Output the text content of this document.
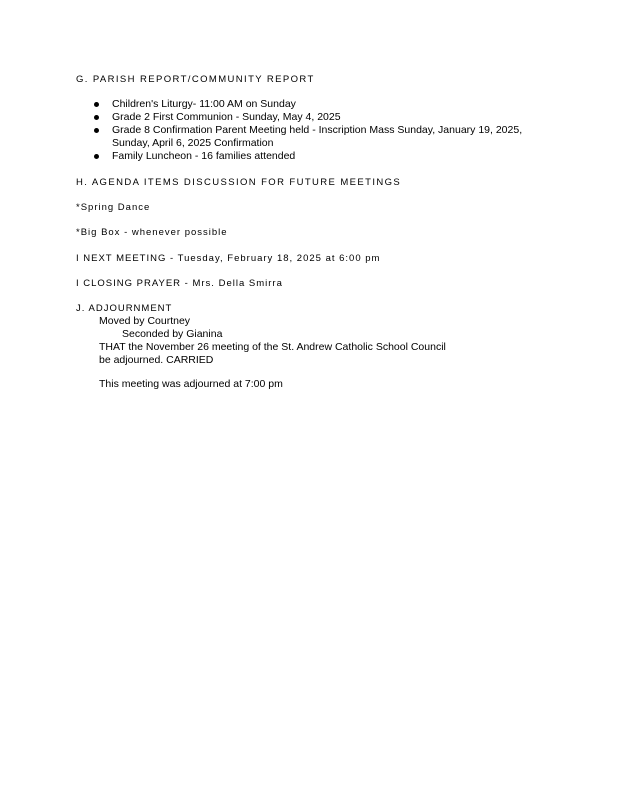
G. PARISH REPORT/COMMUNITY REPORT
Children's Liturgy- 11:00 AM on Sunday
Grade 2 First Communion - Sunday, May 4, 2025
Grade 8 Confirmation Parent Meeting held - Inscription Mass Sunday, January 19, 2025, Sunday, April 6, 2025 Confirmation
Family Luncheon - 16 families attended
H. AGENDA ITEMS DISCUSSION FOR FUTURE MEETINGS
*Spring Dance
*Big Box - whenever possible
I NEXT MEETING - Tuesday, February 18, 2025 at 6:00 pm
I CLOSING PRAYER - Mrs. Della Smirra
J. ADJOURNMENT
Moved by Courtney
Seconded by Gianina
THAT the November 26 meeting of the St. Andrew Catholic School Council
be adjourned. CARRIED
This meeting was adjourned at 7:00 pm
